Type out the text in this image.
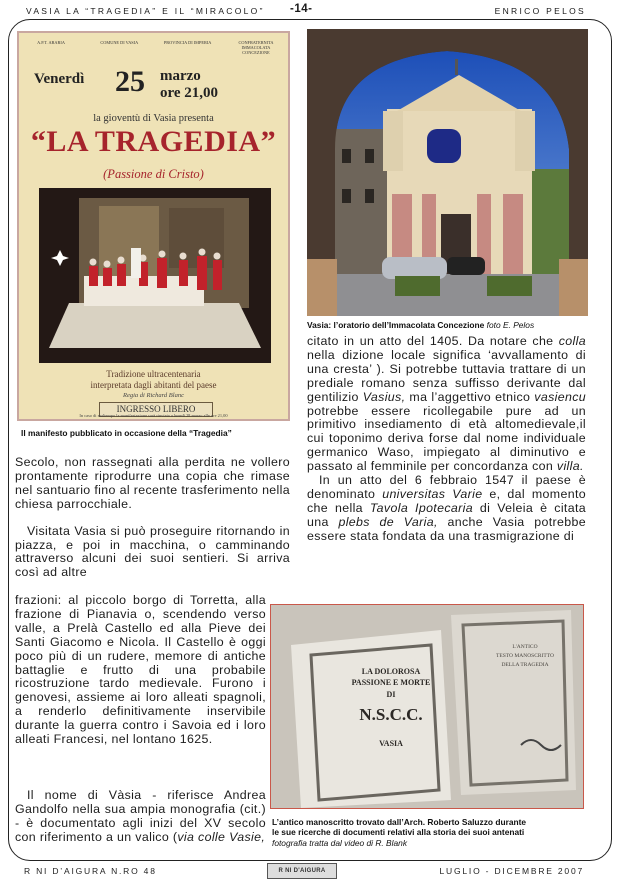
VASIA LA “TRAGEDIA” E IL “MIRACOLO” -14-	ENRICO PELOS
A.P.T. ABARIA	COMUNE DI VASIA	PROVINCIA DI IMPERIA	CONFRATERNITA IMMACOLATA CONCEZIONE
Venerdì 25 marzo
ore 21,00
la gioventù di Vasia presenta
“LA TRAGEDIA”
(Passione di Cristo)
Tradizione ultracentenaria
interpretata dagli abitanti del paese
Regia di Richard Blanc
INGRESSO LIBERO
In caso di maltempo la manifestazione sarà rinviata a lunedì 28 marzo alle ore 21,00
Il manifesto pubblicato in occasione della “Tragedia”
Vasia: l’oratorio dell’Immacolata Concezione foto E. Pelos

Secolo, non rassegnati alla perdita ne vollero prontamente riprodurre una copia che rimase nel santuario fino al recente trasferimento nella chiesa parrocchiale.

Visitata Vasia si può proseguire ritornando in piazza, e poi in macchina, o camminando attraverso alcuni dei suoi sentieri. Si arriva così ad altre

frazioni: al piccolo borgo di Torretta, alla frazione di Pianavia o, scendendo verso valle, a Prelà Castello ed alla Pieve dei Santi Giacomo e Nicola. Il Castello è oggi poco più di un rudere, memore di antiche battaglie e frutto di una probabile ricostruzione tardo medievale. Furono i genovesi, assieme ai loro alleati spagnoli, a renderlo definitivamente inservibile durante la guerra contro i Savoia ed i loro alleati Francesi, nel lontano 1625.

Il nome di Vàsia - riferisce Andrea Gandolfo nella sua ampia monografia (cit.) - è documentato agli inizi del XV secolo con riferimento a un valico (via colle Vasie,

citato in un atto del 1405. Da notare che colla nella dizione locale significa ‘avvallamento di una cresta’ ). Si potrebbe tuttavia trattare di un prediale romano senza suffisso derivante dal gentilizio Vasius, ma l’aggettivo etnico vasiencu potrebbe essere ricollegabile pure ad un primitivo insediamento di età altomedievale,il cui toponimo deriva forse dal nome individuale germanico Waso, impiegato al diminutivo e passato al femminile per concordanza con villa.

In un atto del 6 febbraio 1547 il paese è denominato universitas Varie e, dal momento che nella Tavola Ipotecaria di Veleia è citata una plebs de Varia, anche Vasia potrebbe essere stata fondata da una trasmigrazione di

LA DOLOROSA
PASSIONE E MORTE
DI
N.S.C.C.
VASIA
L'ANTICO
TESTO MANOSCRITTO
DELLA TRAGEDIA
L’antico manoscritto trovato dall’Arch. Roberto Saluzzo durante
le sue ricerche di documenti relativi alla storia dei suoi antenati
fotografia tratta dal video di R. Blank
R NI D’AIGURA N.RO 48	R NI D'AIGURA	LUGLIO - DICEMBRE 2007
